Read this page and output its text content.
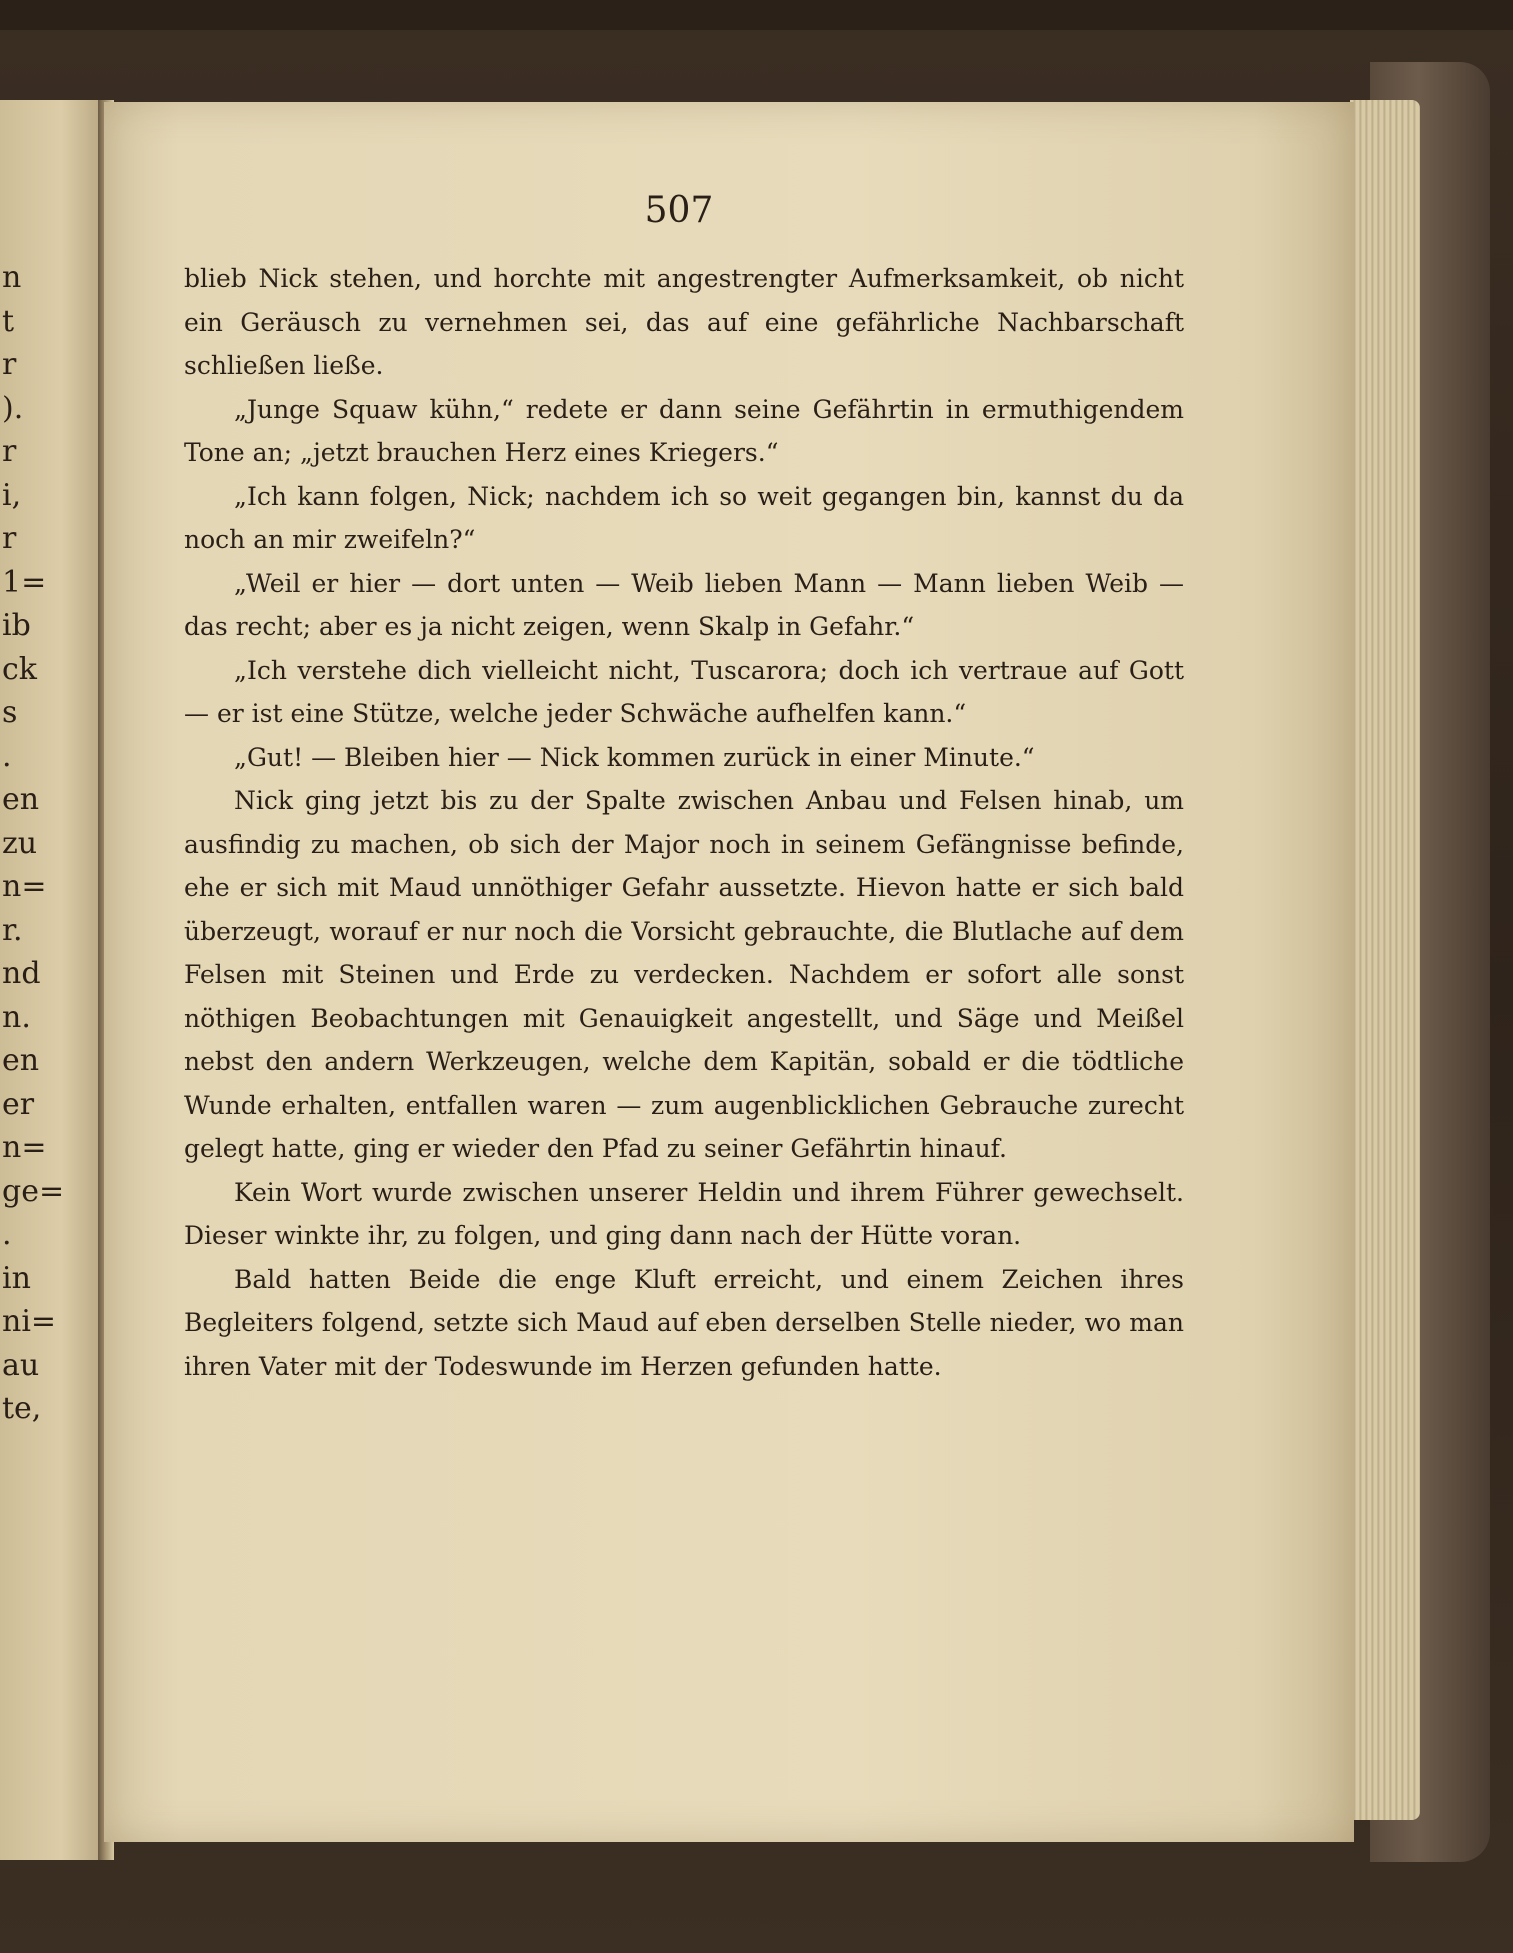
n
t
r
).
r
i,
r
1=
ib
ck
s
.
en
zu
n=
r.
nd
n.
en
er
n=
ge=
.
in
ni=
au
te,
507

blieb Nick stehen, und horchte mit angestrengter Aufmerksamkeit, ob nicht ein Geräusch zu vernehmen sei, das auf eine gefährliche Nachbarschaft schließen ließe.

„Junge Squaw kühn,“ redete er dann seine Gefährtin in ermuthigendem Tone an; „jetzt brauchen Herz eines Kriegers.“

„Ich kann folgen, Nick; nachdem ich so weit gegangen bin, kannst du da noch an mir zweifeln?“

„Weil er hier — dort unten — Weib lieben Mann — Mann lieben Weib — das recht; aber es ja nicht zeigen, wenn Skalp in Gefahr.“

„Ich verstehe dich vielleicht nicht, Tuscarora; doch ich vertraue auf Gott — er ist eine Stütze, welche jeder Schwäche aufhelfen kann.“

„Gut! — Bleiben hier — Nick kommen zurück in einer Minute.“

Nick ging jetzt bis zu der Spalte zwischen Anbau und Felsen hinab, um ausfindig zu machen, ob sich der Major noch in seinem Gefängnisse befinde, ehe er sich mit Maud unnöthiger Gefahr aussetzte. Hievon hatte er sich bald überzeugt, worauf er nur noch die Vorsicht gebrauchte, die Blutlache auf dem Felsen mit Steinen und Erde zu verdecken. Nachdem er sofort alle sonst nöthigen Beobachtungen mit Genauigkeit angestellt, und Säge und Meißel nebst den andern Werkzeugen, welche dem Kapitän, sobald er die tödtliche Wunde erhalten, entfallen waren — zum augenblicklichen Gebrauche zurecht gelegt hatte, ging er wieder den Pfad zu seiner Gefährtin hinauf.

Kein Wort wurde zwischen unserer Heldin und ihrem Führer gewechselt. Dieser winkte ihr, zu folgen, und ging dann nach der Hütte voran.

Bald hatten Beide die enge Kluft erreicht, und einem Zeichen ihres Begleiters folgend, setzte sich Maud auf eben derselben Stelle nieder, wo man ihren Vater mit der Todeswunde im Herzen gefunden hatte.
